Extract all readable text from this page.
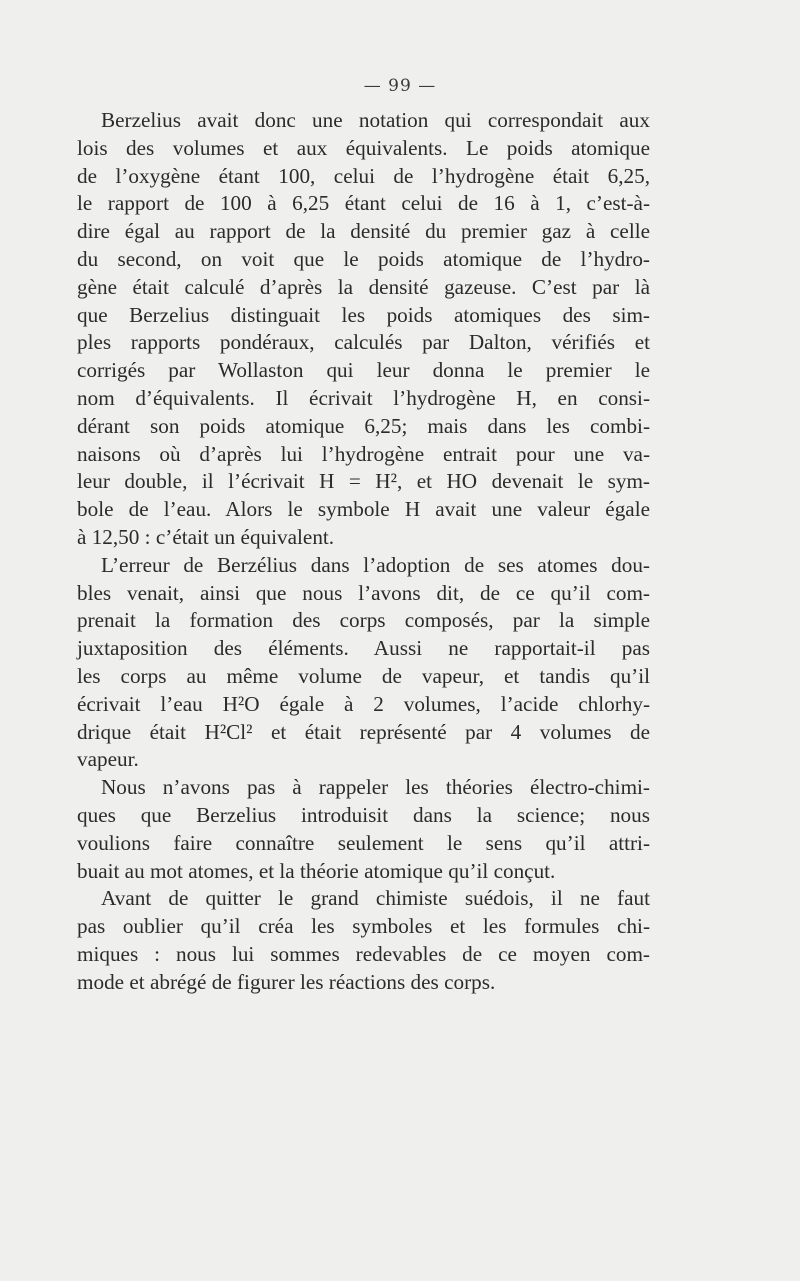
— 99 —
Berzelius avait donc une notation qui correspondait aux
lois des volumes et aux équivalents. Le poids atomique
de l’oxygène étant 100, celui de l’hydrogène était 6,25,
le rapport de 100 à 6,25 étant celui de 16 à 1, c’est-à-
dire égal au rapport de la densité du premier gaz à celle
du second, on voit que le poids atomique de l’hydro-
gène était calculé d’après la densité gazeuse. C’est par là
que Berzelius distinguait les poids atomiques des sim-
ples rapports pondéraux, calculés par Dalton, vérifiés et
corrigés par Wollaston qui leur donna le premier le
nom d’équivalents. Il écrivait l’hydrogène H, en consi-
dérant son poids atomique 6,25; mais dans les combi-
naisons où d’après lui l’hydrogène entrait pour une va-
leur double, il l’écrivait H = H², et HO devenait le sym-
bole de l’eau. Alors le symbole H avait une valeur égale
à 12,50 : c’était un équivalent.
L’erreur de Berzélius dans l’adoption de ses atomes dou-
bles venait, ainsi que nous l’avons dit, de ce qu’il com-
prenait la formation des corps composés, par la simple
juxtaposition des éléments. Aussi ne rapportait-il pas
les corps au même volume de vapeur, et tandis qu’il
écrivait l’eau H²O égale à 2 volumes, l’acide chlorhy-
drique était H²Cl² et était représenté par 4 volumes de
vapeur.
Nous n’avons pas à rappeler les théories électro-chimi-
ques que Berzelius introduisit dans la science; nous
voulions faire connaître seulement le sens qu’il attri-
buait au mot atomes, et la théorie atomique qu’il conçut.
Avant de quitter le grand chimiste suédois, il ne faut
pas oublier qu’il créa les symboles et les formules chi-
miques : nous lui sommes redevables de ce moyen com-
mode et abrégé de figurer les réactions des corps.
